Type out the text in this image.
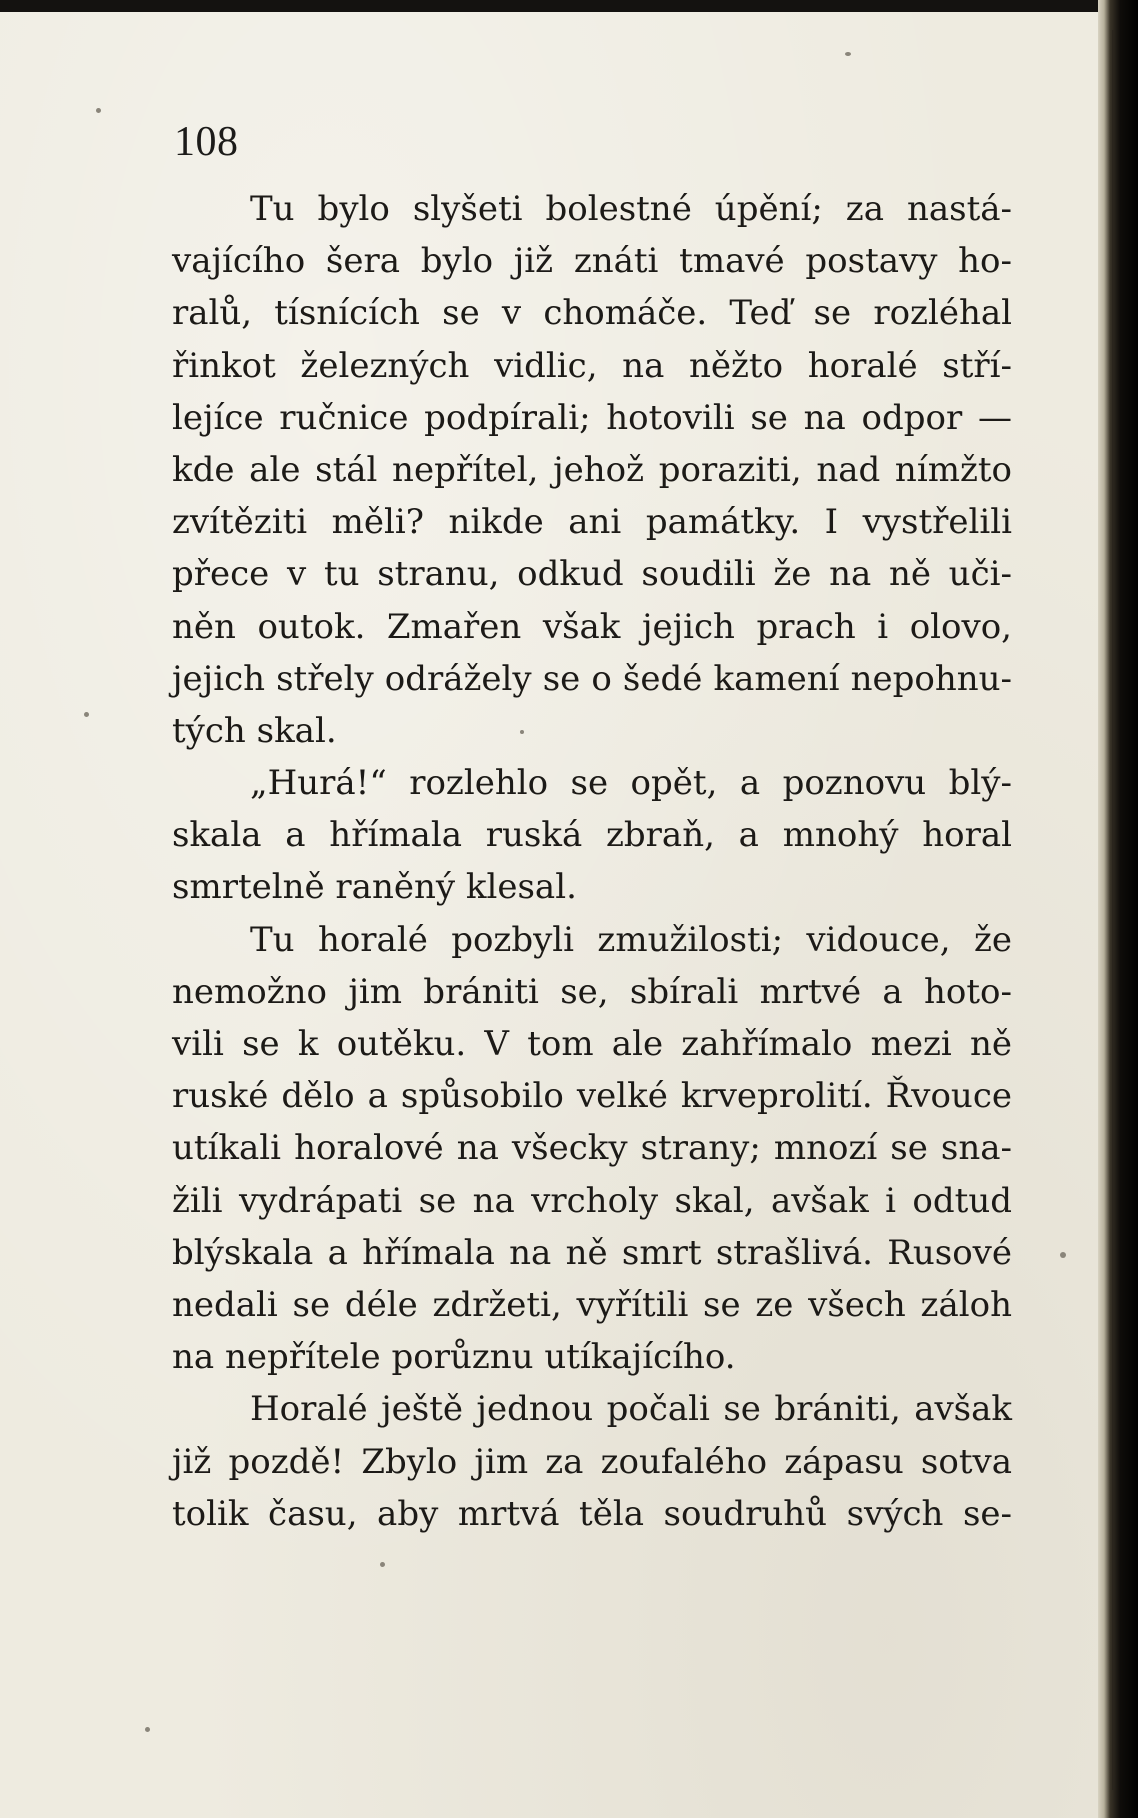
108
Tu bylo slyšeti bolestné úpění; za nastá-
vajícího šera bylo již znáti tmavé postavy ho-
ralů, tísnících se v chomáče. Teď se rozléhal
řinkot železných vidlic, na něžto horalé stří-
lejíce ručnice podpírali; hotovili se na odpor —
kde ale stál nepřítel, jehož poraziti, nad nímžto
zvítěziti měli? nikde ani památky. I vystřelili
přece v tu stranu, odkud soudili že na ně uči-
něn outok. Zmařen však jejich prach i olovo,
jejich střely odrážely se o šedé kamení nepohnu-
tých skal.
„Hurá!“ rozlehlo se opět, a poznovu blý-
skala a hřímala ruská zbraň, a mnohý horal
smrtelně raněný klesal.
Tu horalé pozbyli zmužilosti; vidouce, že
nemožno jim brániti se, sbírali mrtvé a hoto-
vili se k outěku. V tom ale zahřímalo mezi ně
ruské dělo a spůsobilo velké krveprolití. Řvouce
utíkali horalové na všecky strany; mnozí se sna-
žili vydrápati se na vrcholy skal, avšak i odtud
blýskala a hřímala na ně smrt strašlivá. Rusové
nedali se déle zdržeti, vyřítili se ze všech záloh
na nepřítele porůznu utíkajícího.
Horalé ještě jednou počali se brániti, avšak
již pozdě! Zbylo jim za zoufalého zápasu sotva
tolik času, aby mrtvá těla soudruhů svých se-
